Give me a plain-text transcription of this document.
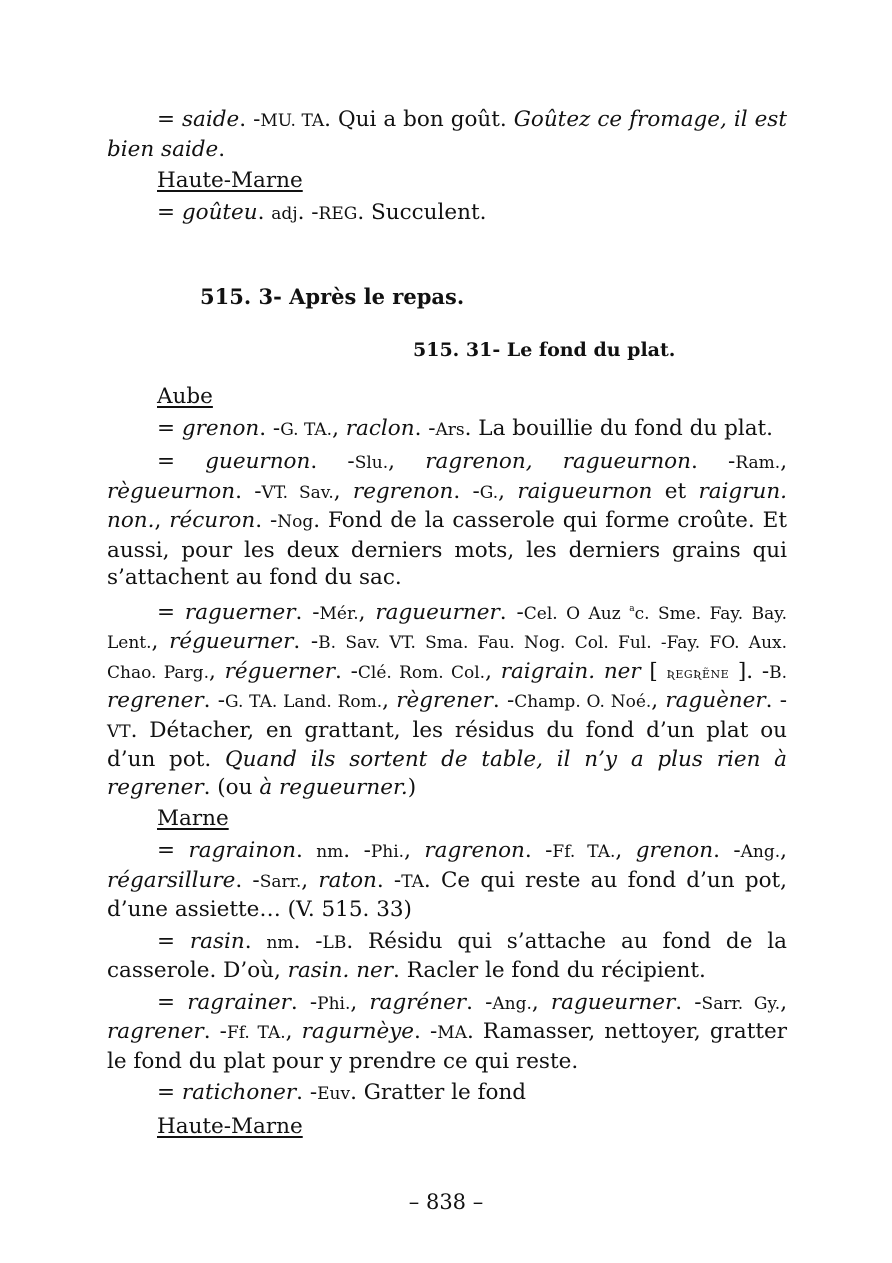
= saide. -MU. TA. Qui a bon goût. Goûtez ce fromage, il est bien saide.

Haute-Marne

= goûteu. adj. -REG. Succulent.

Aube

= grenon. -G. TA., raclon. -Ars. La bouillie du fond du plat.

= gueurnon. -Slu., ragrenon, ragueurnon. -Ram., règueurnon. -VT. Sav., regrenon. -G., raigueurnon et raigrun. non., récuron. -Nog. Fond de la casserole qui forme croûte. Et aussi, pour les deux derniers mots, les derniers grains qui s’attachent au fond du sac.

= raguerner. -Mér., ragueurner. -Cel. O Auz $^a$c. Sme. Fay. Bay. Lent., régueurner. -B. Sav. VT. Sma. Fau. Nog. Col. Ful. -Fay. FO. Aux. Chao. Parg., réguerner. -Clé. Rom. Col., raigrain. ner [ ʀegʀẽne ]. -B. regrener. -G. TA. Land. Rom., règrener. -Champ. O. Noé., raguèner. -VT. Détacher, en grattant, les résidus du fond d’un plat ou d’un pot. Quand ils sortent de table, il n’y a plus rien à regrener. (ou à regueurner.)

Marne

= ragrainon. nm. -Phi., ragrenon. -Ff. TA., grenon. -Ang., régarsillure. -Sarr., raton. -TA. Ce qui reste au fond d’un pot, d’une assiette… (V. 515. 33)

= rasin. nm. -LB. Résidu qui s’attache au fond de la casserole. D’où, rasin. ner. Racler le fond du récipient.

= ragrainer. -Phi., ragréner. -Ang., ragueurner. -Sarr. Gy., ragrener. -Ff. TA., ragurnèye. -MA. Ramasser, nettoyer, gratter le fond du plat pour y prendre ce qui reste.

= ratichoner. -Euv. Gratter le fond

Haute-Marne
515. 3- Après le repas.
515. 31- Le fond du plat.
– 838 –
